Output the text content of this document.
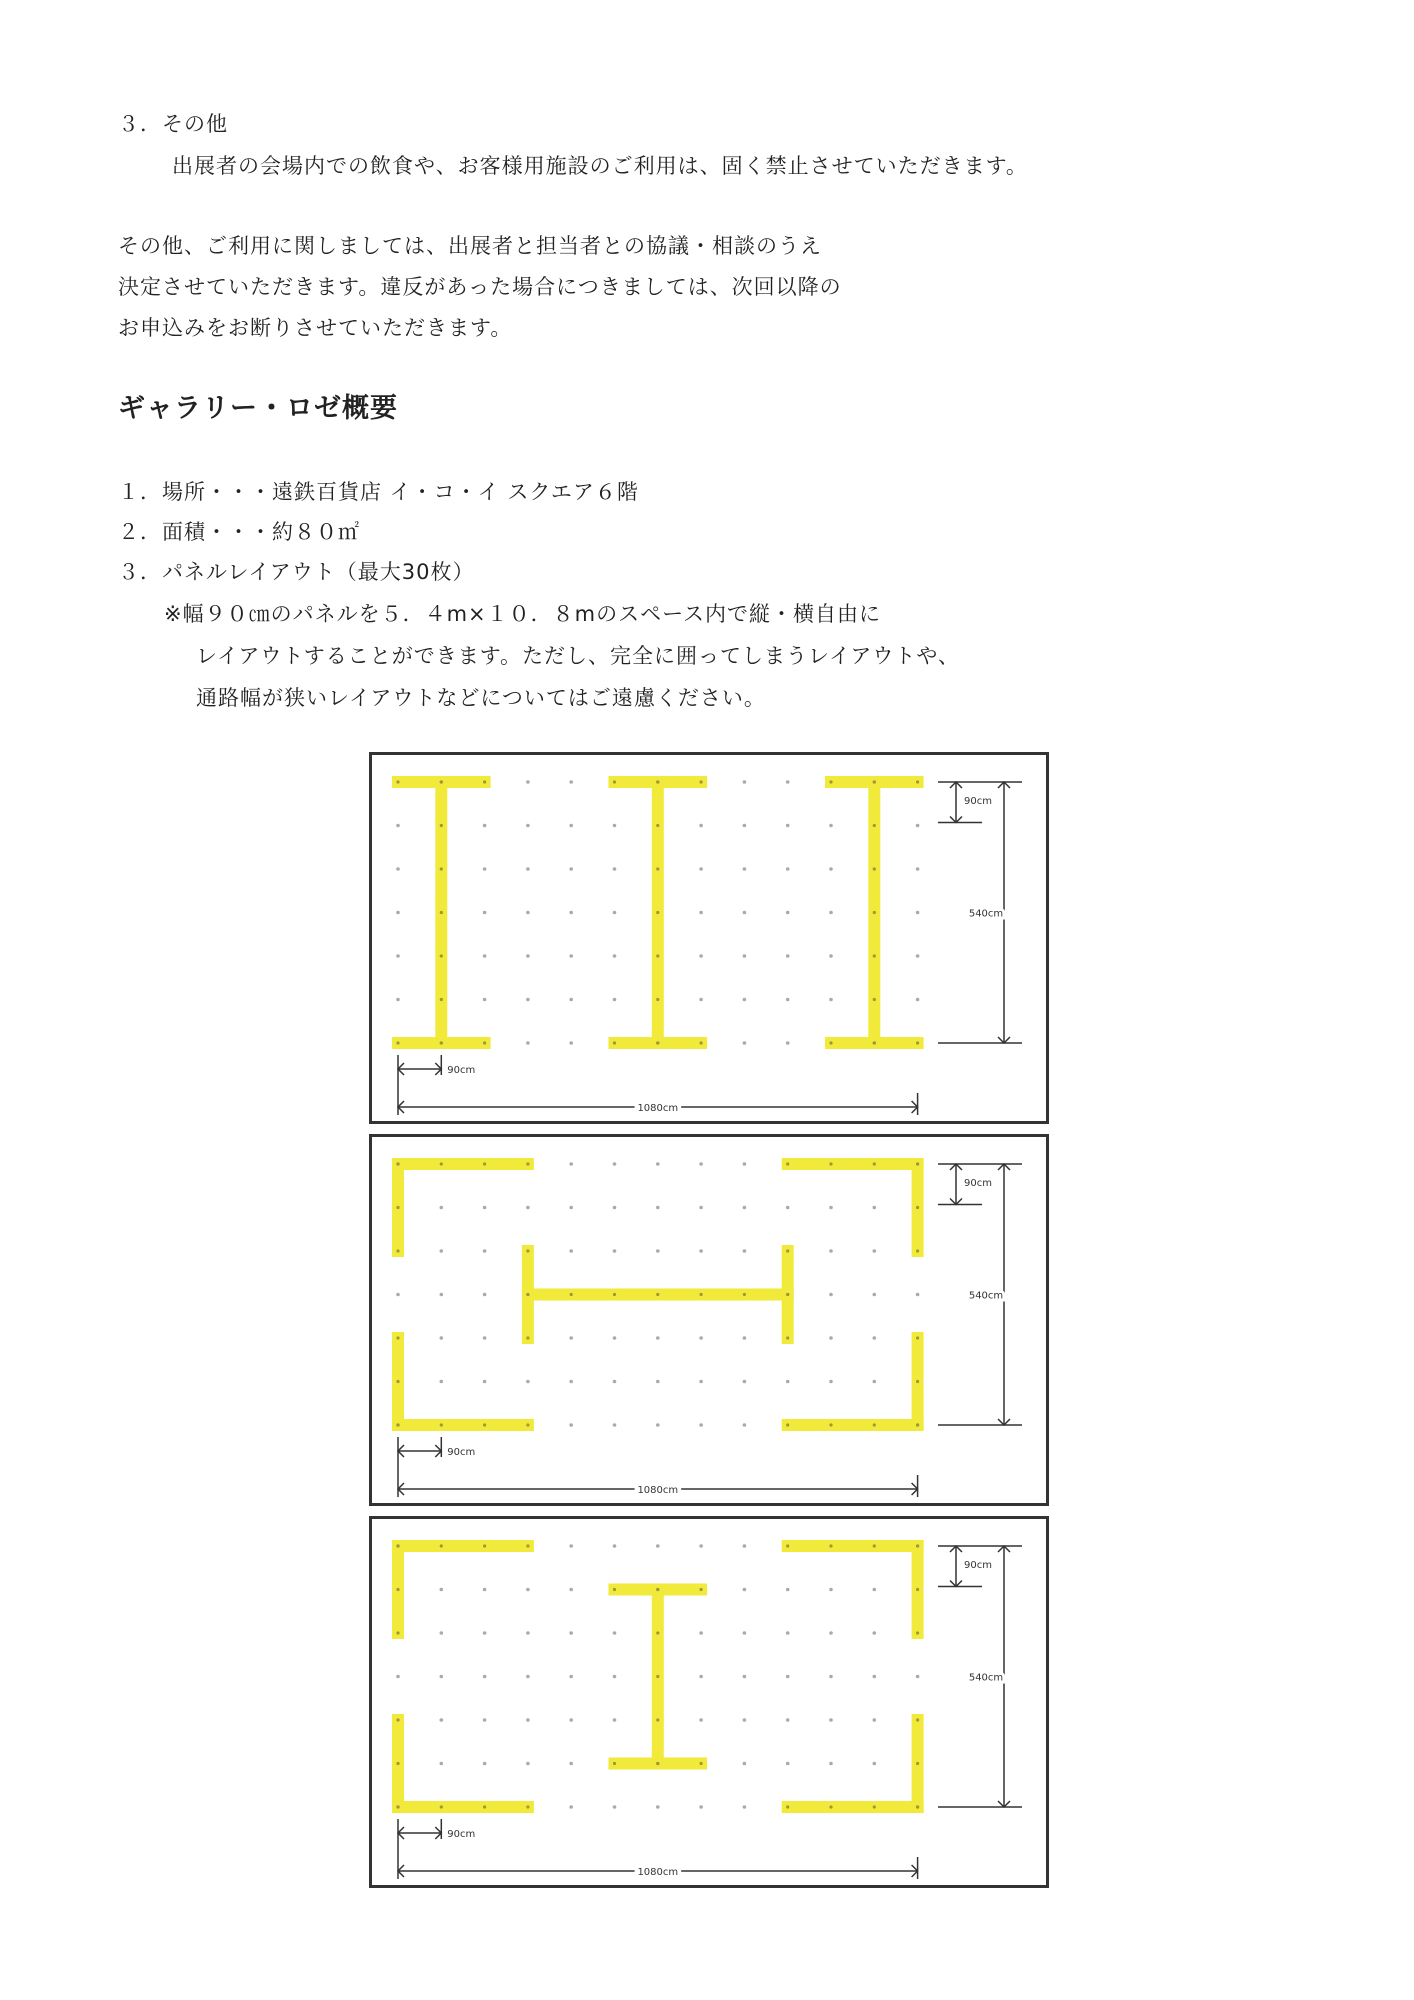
３．その他
出展者の会場内での飲食や、お客様用施設のご利用は、固く禁止させていただきます。
その他、ご利用に関しましては、出展者と担当者との協議・相談のうえ
決定させていただきます。違反があった場合につきましては、次回以降の
お申込みをお断りさせていただきます。
ギャラリー・ロゼ概要
１．場所・・・遠鉄百貨店 イ・コ・イ スクエア６階
２．面積・・・約８０㎡
３．パネルレイアウト（最大30枚）
※幅９０㎝のパネルを５．４m×１０．８mのスペース内で縦・横自由に
レイアウトすることができます。ただし、完全に囲ってしまうレイアウトや、
通路幅が狭いレイアウトなどについてはご遠慮ください。
90cm
540cm
90cm
1080cm
90cm
540cm
90cm
1080cm
90cm
540cm
90cm
1080cm
